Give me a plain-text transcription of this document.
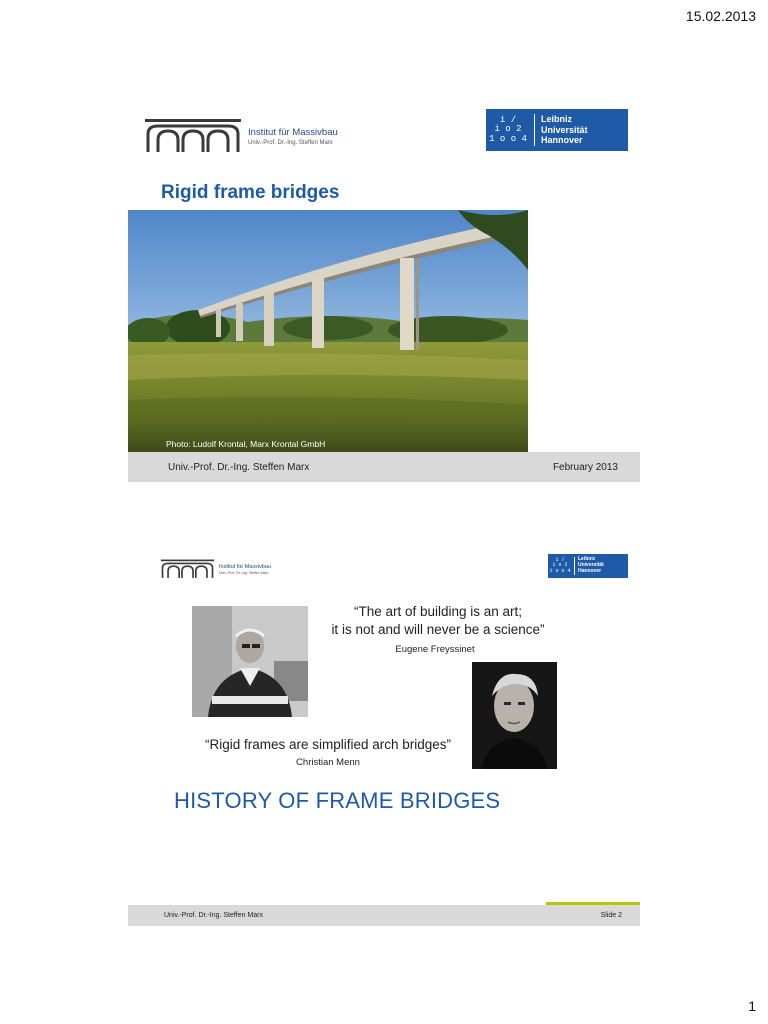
15.02.2013
Institut für Massivbau
Univ.-Prof. Dr.-Ing. Steffen Marx
i /
i o 2
1 o o 4
Leibniz
Universität
Hannover
Rigid frame bridges
Photo: Ludolf Krontal, Marx Krontal GmbH
Univ.-Prof. Dr.-Ing. Steffen Marx	February 2013
Institut für Massivbau
Univ.-Prof. Dr.-Ing. Steffen Marx
i /
i o 2
1 o o 4
Leibniz
Universität
Hannover
“The art of building is an art;
it is not and will never be a science”
Eugene Freyssinet
“Rigid frames are simplified arch bridges”
Christian Menn
HISTORY OF FRAME BRIDGES
Univ.-Prof. Dr.-Ing. Steffen Marx	Slide 2
1
